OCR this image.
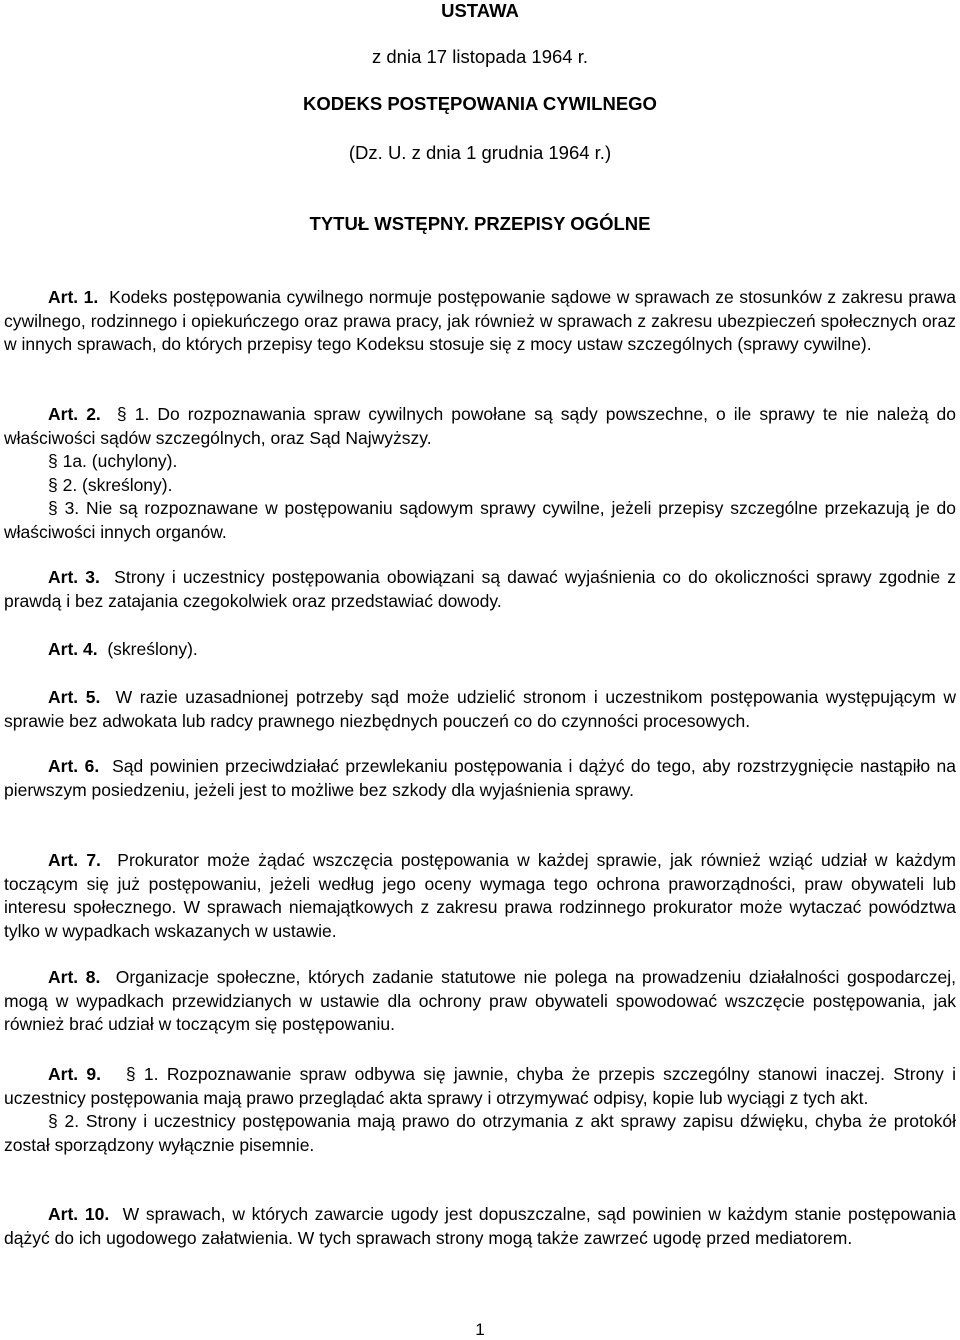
USTAWA
z dnia 17 listopada 1964 r.
KODEKS POSTĘPOWANIA CYWILNEGO
(Dz. U. z dnia 1 grudnia 1964 r.)
TYTUŁ WSTĘPNY. PRZEPISY OGÓLNE

Art. 1. Kodeks postępowania cywilnego normuje postępowanie sądowe w sprawach ze stosunków z zakresu prawa cywilnego, rodzinnego i opiekuńczego oraz prawa pracy, jak również w sprawach z zakresu ubezpieczeń społecznych oraz w innych sprawach, do których przepisy tego Kodeksu stosuje się z mocy ustaw szczególnych (sprawy cywilne).

Art. 2. § 1. Do rozpoznawania spraw cywilnych powołane są sądy powszechne, o ile sprawy te nie należą do właściwości sądów szczególnych, oraz Sąd Najwyższy.

§ 1a. (uchylony).

§ 2. (skreślony).

§ 3. Nie są rozpoznawane w postępowaniu sądowym sprawy cywilne, jeżeli przepisy szczególne przekazują je do właściwości innych organów.

Art. 3. Strony i uczestnicy postępowania obowiązani są dawać wyjaśnienia co do okoliczności sprawy zgodnie z prawdą i bez zatajania czegokolwiek oraz przedstawiać dowody.

Art. 4. (skreślony).

Art. 5. W razie uzasadnionej potrzeby sąd może udzielić stronom i uczestnikom postępowania występującym w sprawie bez adwokata lub radcy prawnego niezbędnych pouczeń co do czynności procesowych.

Art. 6. Sąd powinien przeciwdziałać przewlekaniu postępowania i dążyć do tego, aby rozstrzygnięcie nastąpiło na pierwszym posiedzeniu, jeżeli jest to możliwe bez szkody dla wyjaśnienia sprawy.

Art. 7. Prokurator może żądać wszczęcia postępowania w każdej sprawie, jak również wziąć udział w każdym toczącym się już postępowaniu, jeżeli według jego oceny wymaga tego ochrona praworządności, praw obywateli lub interesu społecznego. W sprawach niemajątkowych z zakresu prawa rodzinnego prokurator może wytaczać powództwa tylko w wypadkach wskazanych w ustawie.

Art. 8. Organizacje społeczne, których zadanie statutowe nie polega na prowadzeniu działalności gospodarczej, mogą w wypadkach przewidzianych w ustawie dla ochrony praw obywateli spowodować wszczęcie postępowania, jak również brać udział w toczącym się postępowaniu.

Art. 9. § 1. Rozpoznawanie spraw odbywa się jawnie, chyba że przepis szczególny stanowi inaczej. Strony i uczestnicy postępowania mają prawo przeglądać akta sprawy i otrzymywać odpisy, kopie lub wyciągi z tych akt.

§ 2. Strony i uczestnicy postępowania mają prawo do otrzymania z akt sprawy zapisu dźwięku, chyba że protokół został sporządzony wyłącznie pisemnie.

Art. 10. W sprawach, w których zawarcie ugody jest dopuszczalne, sąd powinien w każdym stanie postępowania dążyć do ich ugodowego załatwienia. W tych sprawach strony mogą także zawrzeć ugodę przed mediatorem.

1
